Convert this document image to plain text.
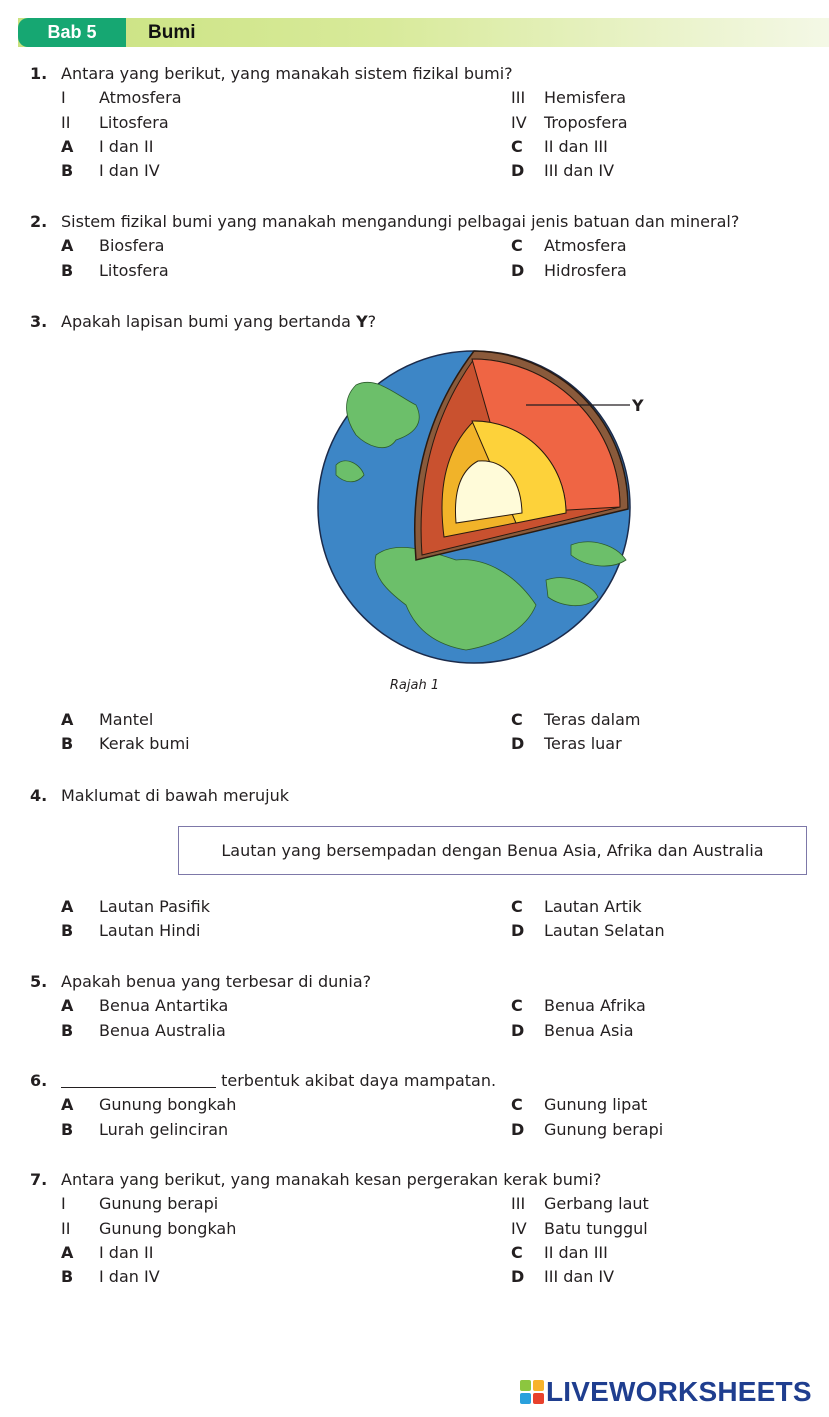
Bab 5	Bumi
1. Antara yang berikut, yang manakah sistem fizikal bumi?
I Atmosfera	III Hemisfera
II Litosfera	IV Troposfera
A I dan II	C II dan III
B I dan IV	D III dan IV
2. Sistem fizikal bumi yang manakah mengandungi pelbagai jenis batuan dan mineral?
A Biosfera	C Atmosfera
B Litosfera	D Hidrosfera
3. Apakah lapisan bumi yang bertanda Y?
Y
Rajah 1
A Mantel	C Teras dalam
B Kerak bumi	D Teras luar
4. Maklumat di bawah merujuk
Lautan yang bersempadan dengan Benua Asia, Afrika dan Australia
A Lautan Pasifik	C Lautan Artik
B Lautan Hindi	D Lautan Selatan
5. Apakah benua yang terbesar di dunia?
A Benua Antartika	C Benua Afrika
B Benua Australia	D Benua Asia
6.	terbentuk akibat daya mampatan.
A Gunung bongkah	C Gunung lipat
B Lurah gelinciran	D Gunung berapi
7. Antara yang berikut, yang manakah kesan pergerakan kerak bumi?
I Gunung berapi	III Gerbang laut
II Gunung bongkah	IV Batu tunggul
A I dan II	C II dan III
B I dan IV	D III dan IV
LIVEWORKSHEETS
